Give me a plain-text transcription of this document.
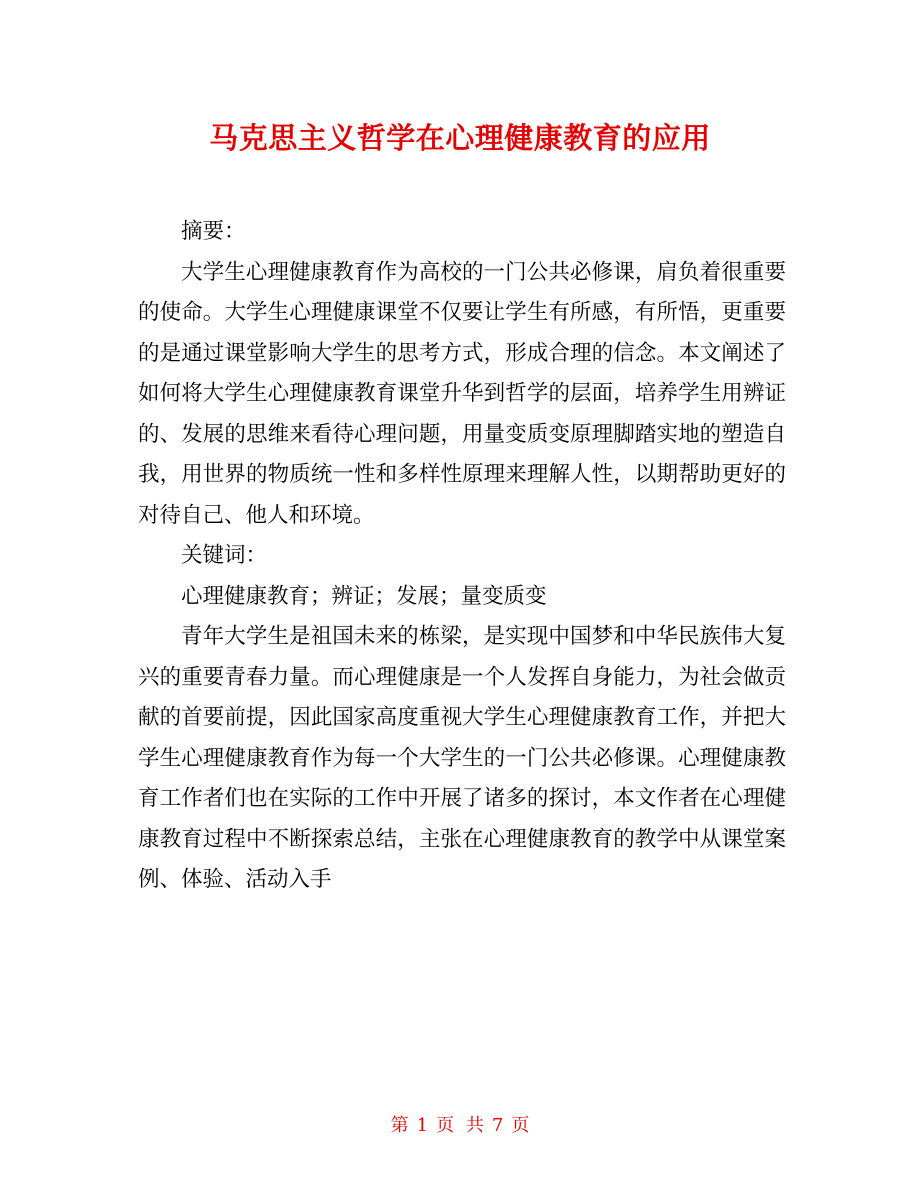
马克思主义哲学在心理健康教育的应用

摘要：

大学生心理健康教育作为高校的一门公共必修课，肩负着很重要的使命。大学生心理健康课堂不仅要让学生有所感，有所悟，更重要的是通过课堂影响大学生的思考方式，形成合理的信念。本文阐述了如何将大学生心理健康教育课堂升华到哲学的层面，培养学生用辨证的、发展的思维来看待心理问题，用量变质变原理脚踏实地的塑造自我，用世界的物质统一性和多样性原理来理解人性，以期帮助更好的对待自己、他人和环境。

关键词：

心理健康教育；辨证；发展；量变质变

青年大学生是祖国未来的栋梁，是实现中国梦和中华民族伟大复兴的重要青春力量。而心理健康是一个人发挥自身能力，为社会做贡献的首要前提，因此国家高度重视大学生心理健康教育工作，并把大学生心理健康教育作为每一个大学生的一门公共必修课。心理健康教育工作者们也在实际的工作中开展了诸多的探讨，本文作者在心理健康教育过程中不断探索总结，主张在心理健康教育的教学中从课堂案例、体验、活动入手

第 1 页 共 7 页
